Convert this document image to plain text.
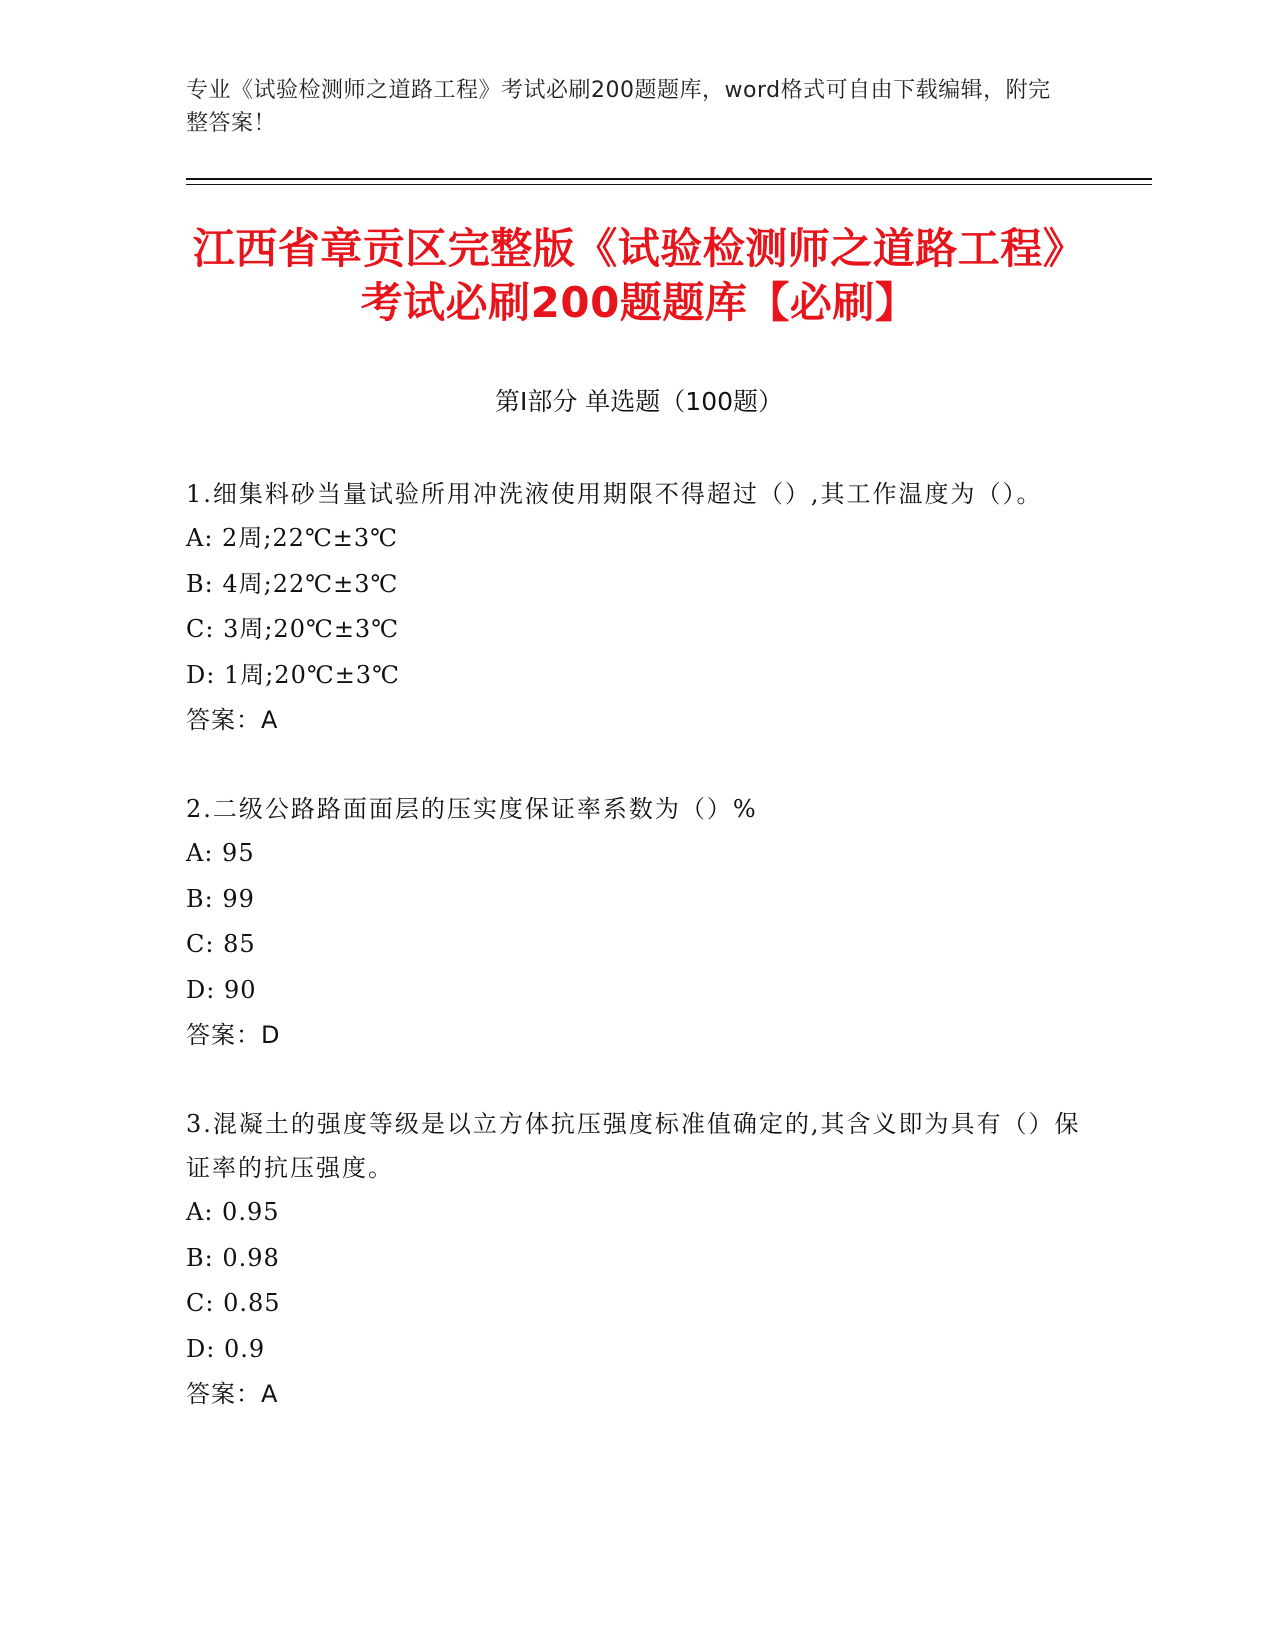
专业《试验检测师之道路工程》考试必刷200题题库，word格式可自由下载编辑，附完整答案！
江西省章贡区完整版《试验检测师之道路工程》考试必刷200题题库【必刷】
第I部分 单选题（100题）

1.细集料砂当量试验所用冲洗液使用期限不得超过（）,其工作温度为（）。

A: 2周;22℃±3℃

B: 4周;22℃±3℃

C: 3周;20℃±3℃

D: 1周;20℃±3℃

答案：A

2.二级公路路面面层的压实度保证率系数为（）%

A: 95

B: 99

C: 85

D: 90

答案：D

3.混凝土的强度等级是以立方体抗压强度标准值确定的,其含义即为具有（）保证率的抗压强度。

A: 0.95

B: 0.98

C: 0.85

D: 0.9

答案：A
